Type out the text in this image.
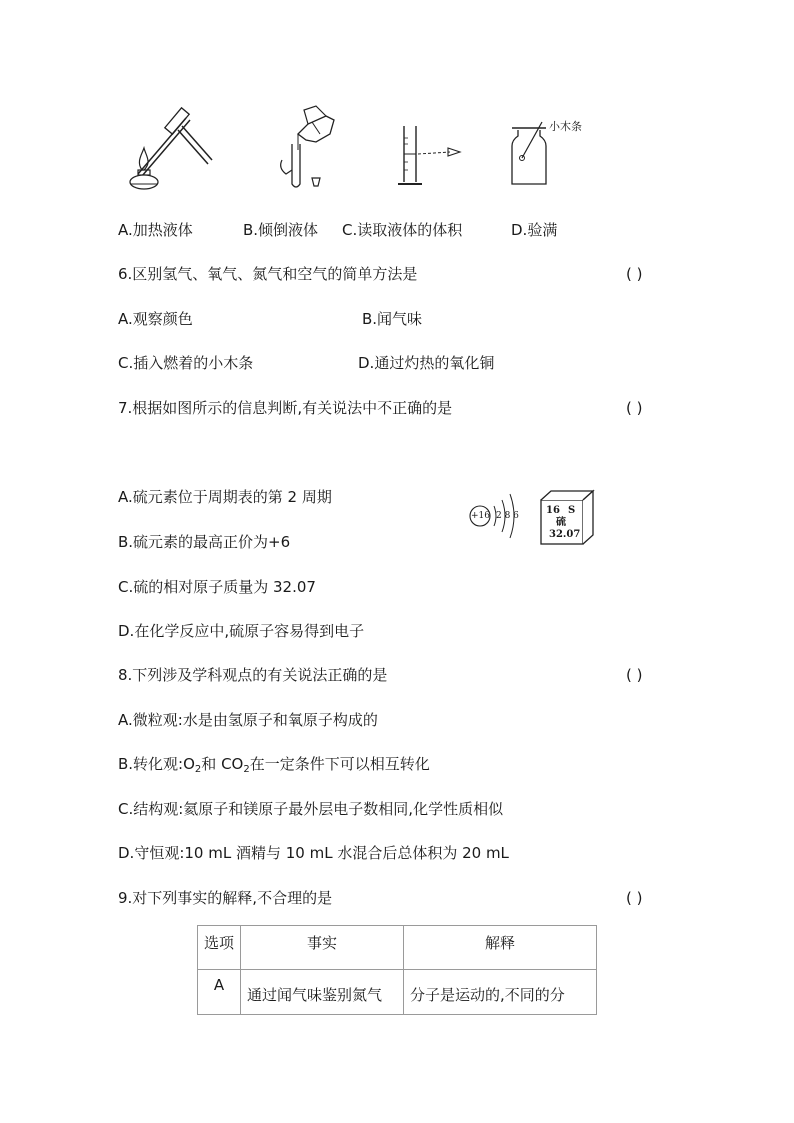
小木条
A.加热液体	B.倾倒液体 C.读取液体的体积	D.验满
6.区别氢气、氧气、氮气和空气的简单方法是	( )
A.观察颜色	B.闻气味
C.插入燃着的小木条	D.通过灼热的氧化铜
7.根据如图所示的信息判断,有关说法中不正确的是	( )
A.硫元素位于周期表的第 2 周期
B.硫元素的最高正价为+6
C.硫的相对原子质量为 32.07
D.在化学反应中,硫原子容易得到电子
+16 2 8 6	16 S
硫
32.07
8.下列涉及学科观点的有关说法正确的是	( )
A.微粒观:水是由氢原子和氧原子构成的
B.转化观$:O_2$和 $CO_2$在一定条件下可以相互转化
C.结构观:氦原子和镁原子最外层电子数相同,化学性质相似
D.守恒观:10 mL 酒精与 10 mL 水混合后总体积为 20 mL
9.对下列事实的解释,不合理的是	( )
选项	事实	解释
A	通过闻气味鉴别氮气	分子是运动的,不同的分
